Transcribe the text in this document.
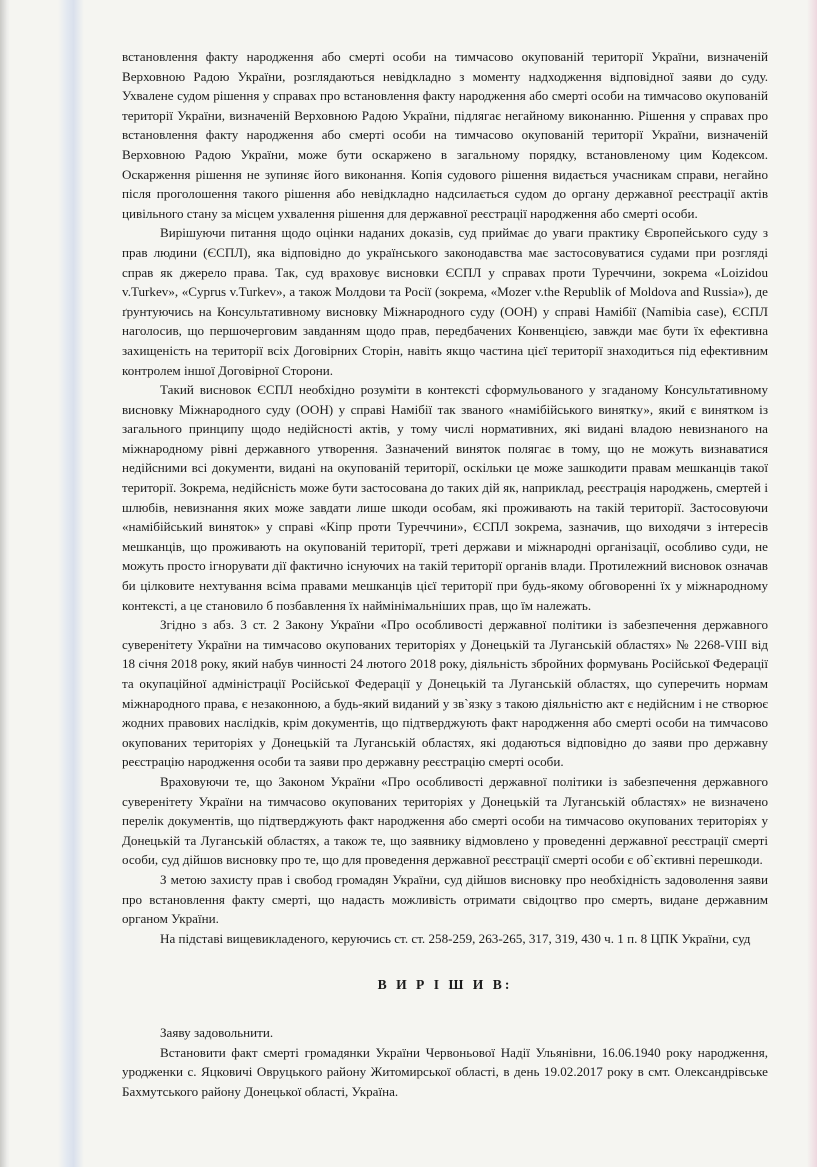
встановлення факту народження або смерті особи на тимчасово окупованій території України, визначеній Верховною Радою України, розглядаються невідкладно з моменту надходження відповідної заяви до суду. Ухвалене судом рішення у справах про встановлення факту народження або смерті особи на тимчасово окупованій території України, визначеній Верховною Радою України, підлягає негайному виконанню. Рішення у справах про встановлення факту народження або смерті особи на тимчасово окупованій території України, визначеній Верховною Радою України, може бути оскаржено в загальному порядку, встановленому цим Кодексом. Оскарження рішення не зупиняє його виконання. Копія судового рішення видається учасникам справи, негайно після проголошення такого рішення або невідкладно надсилається судом до органу державної реєстрації актів цивільного стану за місцем ухвалення рішення для державної реєстрації народження або смерті особи.

Вирішуючи питання щодо оцінки наданих доказів, суд приймає до уваги практику Європейського суду з прав людини (ЄСПЛ), яка відповідно до українського законодавства має застосовуватися судами при розгляді справ як джерело права. Так, суд враховує висновки ЄСПЛ у справах проти Туреччини, зокрема «Loizidou v.Turkev», «Cyprus v.Turkev», а також Молдови та Росії (зокрема, «Mozer v.the Republik of Moldova and Russia»), де ґрунтуючись на Консультативному висновку Міжнародного суду (ООН) у справі Намібії (Namibia case), ЄСПЛ наголосив, що першочерговим завданням щодо прав, передбачених Конвенцією, завжди має бути їх ефективна захищеність на території всіх Договірних Сторін, навіть якщо частина цієї території знаходиться під ефективним контролем іншої Договірної Сторони.

Такий висновок ЄСПЛ необхідно розуміти в контексті сформульованого у згаданому Консультативному висновку Міжнародного суду (ООН) у справі Намібії так званого «намібійського винятку», який є винятком із загального принципу щодо недійсності актів, у тому числі нормативних, які видані владою невизнаного на міжнародному рівні державного утворення. Зазначений виняток полягає в тому, що не можуть визнаватися недійсними всі документи, видані на окупованій території, оскільки це може зашкодити правам мешканців такої території. Зокрема, недійсність може бути застосована до таких дій як, наприклад, реєстрація народжень, смертей і шлюбів, невизнання яких може завдати лише шкоди особам, які проживають на такій території. Застосовуючи «намібійський виняток» у справі «Кіпр проти Туреччини», ЄСПЛ зокрема, зазначив, що виходячи з інтересів мешканців, що проживають на окупованій території, треті держави и міжнародні організації, особливо суди, не можуть просто ігнорувати дії фактично існуючих на такій території органів влади. Протилежний висновок означав би цілковите нехтування всіма правами мешканців цієї території при будь-якому обговоренні їх у міжнародному контексті, а це становило б позбавлення їх наймінімальніших прав, що їм належать.

Згідно з абз. 3 ст. 2 Закону України «Про особливості державної політики із забезпечення державного суверенітету України на тимчасово окупованих територіях у Донецькій та Луганській областях» № 2268-VIII від 18 січня 2018 року, який набув чинності 24 лютого 2018 року, діяльність збройних формувань Російської Федерації та окупаційної адміністрації Російської Федерації у Донецькій та Луганській областях, що суперечить нормам міжнародного права, є незаконною, а будь-який виданий у зв`язку з такою діяльністю акт є недійсним і не створює жодних правових наслідків, крім документів, що підтверджують факт народження або смерті особи на тимчасово окупованих територіях у Донецькій та Луганській областях, які додаються відповідно до заяви про державну реєстрацію народження особи та заяви про державну реєстрацію смерті особи.

Враховуючи те, що Законом України «Про особливості державної політики із забезпечення державного суверенітету України на тимчасово окупованих територіях у Донецькій та Луганській областях» не визначено перелік документів, що підтверджують факт народження або смерті особи на тимчасово окупованих територіях у Донецькій та Луганській областях, а також те, що заявнику відмовлено у проведенні державної реєстрації смерті особи, суд дійшов висновку про те, що для проведення державної реєстрації смерті особи є об`єктивні перешкоди.

З метою захисту прав і свобод громадян України, суд дійшов висновку про необхідність задоволення заяви про встановлення факту смерті, що надасть можливість отримати свідоцтво про смерть, видане державним органом України.

На підставі вищевикладеного, керуючись ст. ст. 258-259, 263-265, 317, 319, 430 ч. 1 п. 8 ЦПК України, суд

В И Р І Ш И В:

Заяву задовольнити.

Встановити факт смерті громадянки України Червоньової Надії Ульянівни, 16.06.1940 року народження, уродженки с. Яцковичі Овруцького району Житомирської області, в день 19.02.2017 року в смт. Олександрівське Бахмутського району Донецької області, Україна.
